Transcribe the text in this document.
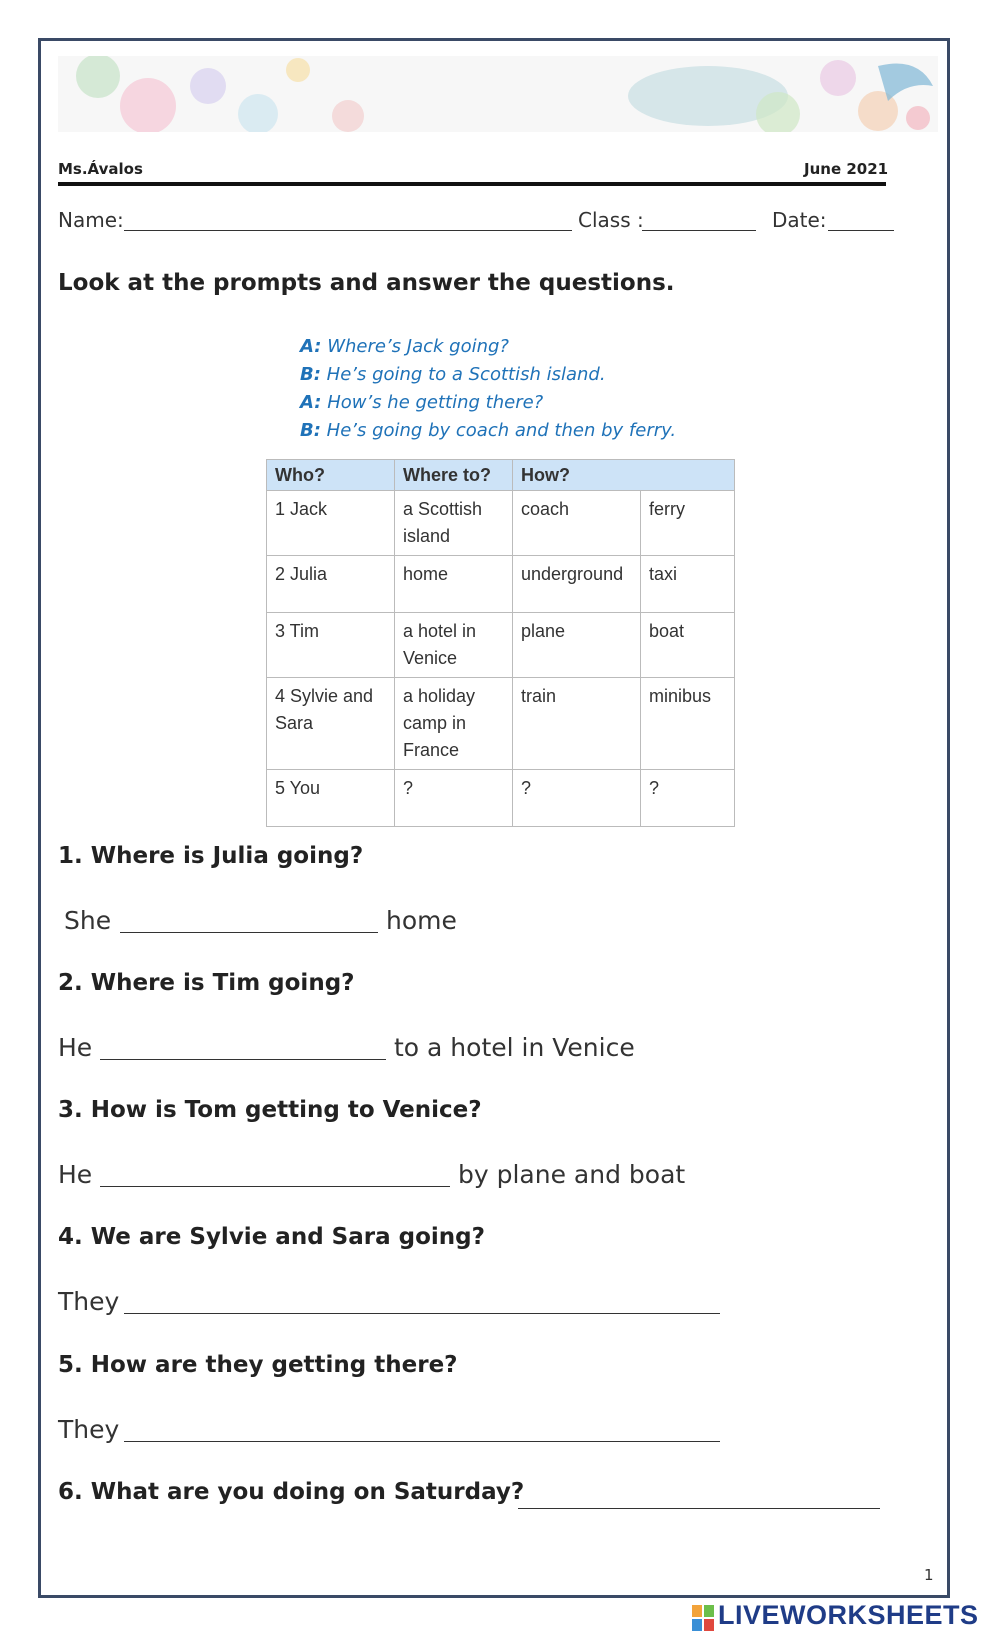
Ms.Ávalos	June 2021
Name:	Class :	Date:
Look at the prompts and answer the questions.
A: Where’s Jack going?
B: He’s going to a Scottish island.
A: How’s he getting there?
B: He’s going by coach and then by ferry.
Who?	Where to?	How?	
1 Jack	a Scottish island	coach	ferry
2 Julia	home	underground	taxi
3 Tim	a hotel in Venice	plane	boat
4 Sylvie and Sara	a holiday camp in France	train	minibus
5 You	?	?	?
1. Where is Julia going?
She	home
2. Where is Tim going?
He	to a hotel in Venice
3. How is Tom getting to Venice?
He	by plane and boat
4. We are Sylvie and Sara going?
They
5. How are they getting there?
They
6. What are you doing on Saturday?
1
LIVEWORKSHEETS
